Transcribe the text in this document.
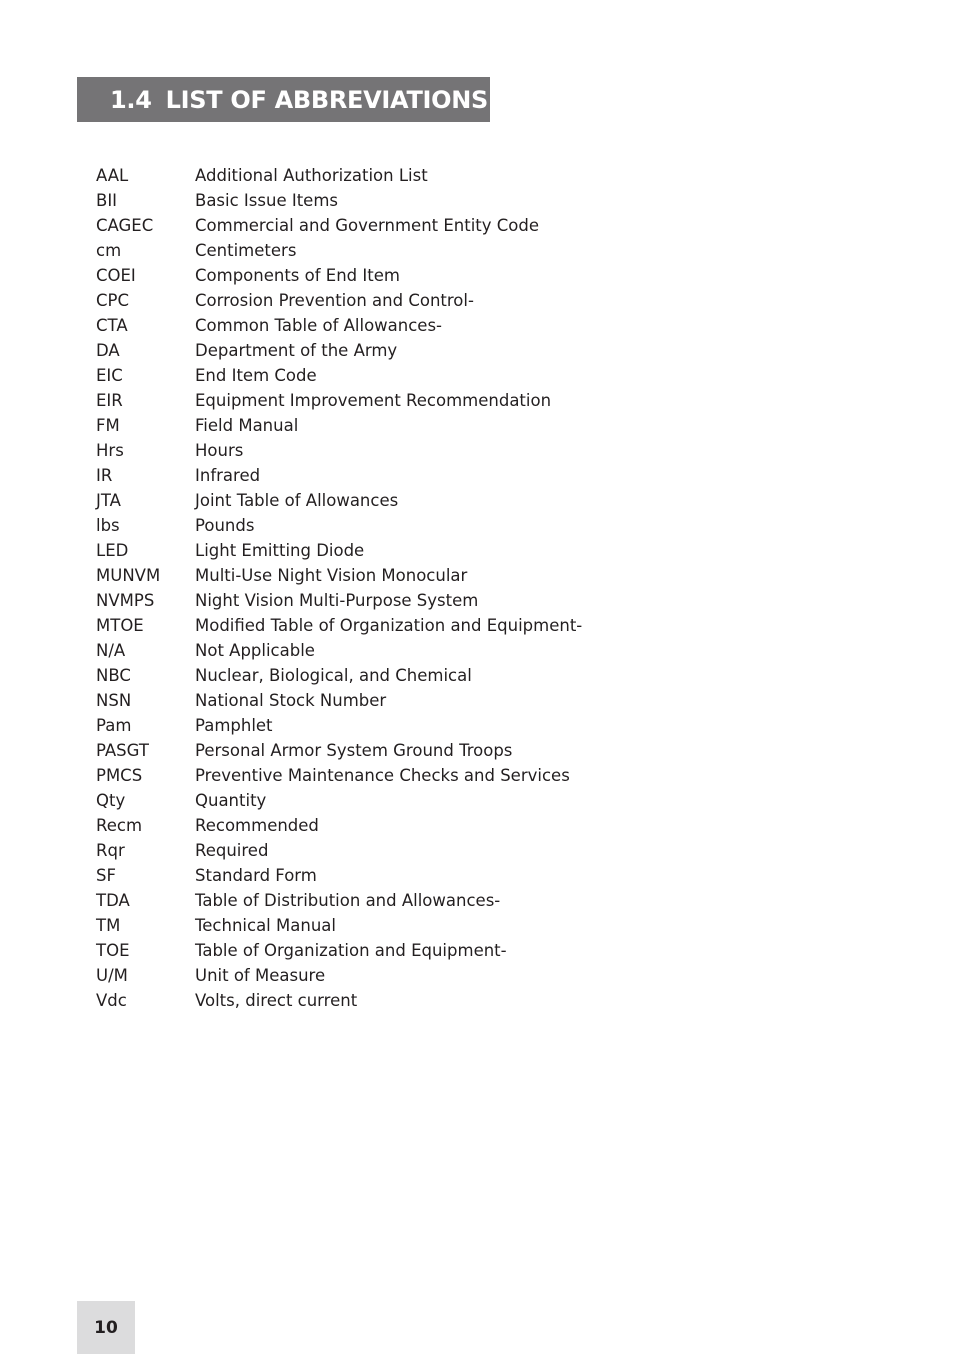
1.4 LIST OF ABBREVIATIONS
AAL	Additional Authorization List
BII	Basic Issue Items
CAGEC	Commercial and Government Entity Code
cm	Centimeters
COEI	Components of End Item
CPC	Corrosion Prevention and Control-
CTA	Common Table of Allowances-
DA	Department of the Army
EIC	End Item Code
EIR	Equipment Improvement Recommendation
FM	Field Manual
Hrs	Hours
IR	Infrared
JTA	Joint Table of Allowances
lbs	Pounds
LED	Light Emitting Diode
MUNVM	Multi-Use Night Vision Monocular
NVMPS	Night Vision Multi-Purpose System
MTOE	Modified Table of Organization and Equipment-
N/A	Not Applicable
NBC	Nuclear, Biological, and Chemical
NSN	National Stock Number
Pam	Pamphlet
PASGT	Personal Armor System Ground Troops
PMCS	Preventive Maintenance Checks and Services
Qty	Quantity
Recm	Recommended
Rqr	Required
SF	Standard Form
TDA	Table of Distribution and Allowances-
TM	Technical Manual
TOE	Table of Organization and Equipment-
U/M	Unit of Measure
Vdc	Volts, direct current
10
